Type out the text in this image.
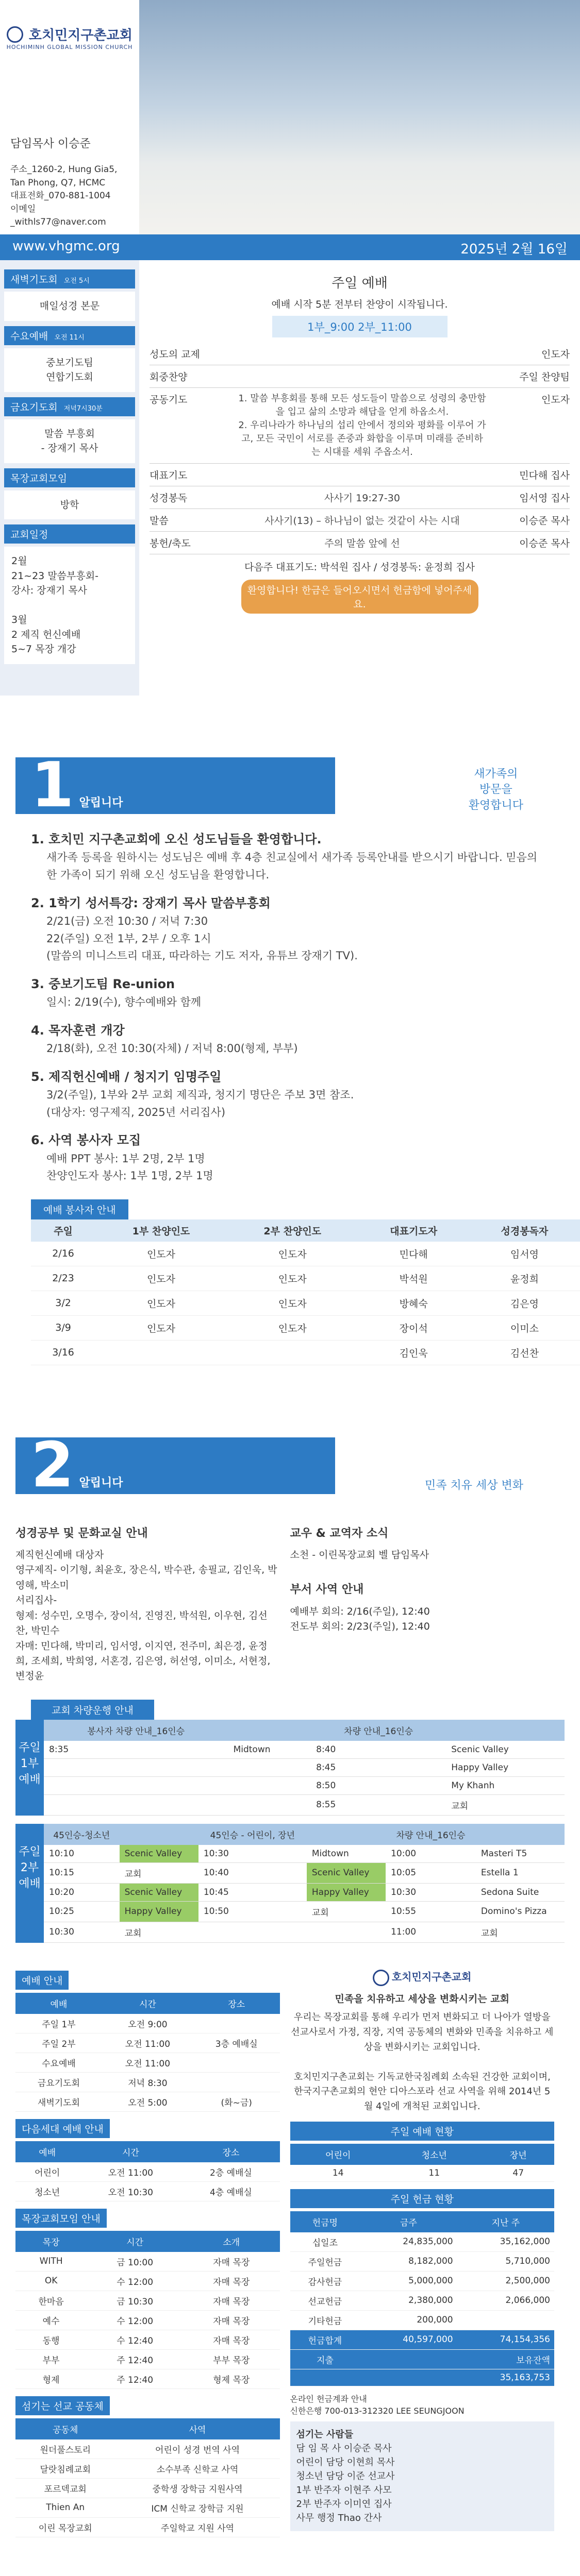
호치민지구촌교회
HOCHIMINH GLOBAL MISSION CHURCH
담임목사 이승준
주소_1260-2, Hung Gia5,
Tan Phong, Q7, HCMC
대표전화_070-881-1004
이메일_withls77@naver.com
새벽기도회 오전 5시
매일성경 본문
수요예배 오전 11시
중보기도팀
연합기도회
금요기도회 저녁7시30분
말씀 부흥회
- 장재기 목사
목장교회모임
방학
교회일정
2월
21~23 말씀부흥회-
강사: 장재기 목사

3월
2 제직 헌신예배
5~7 목장 개강
주일 예배
예배 시작 5분 전부터 찬양이 시작됩니다.
1부_9:00 2부_11:00
성도의 교제	인도자
회중찬양	주일 찬양팀
공동기도	1. 말씀 부흥회를 통해 모든 성도들이 말씀으로 성령의 충만함을 입고 삶의 소망과 해답을 얻게 하옵소서.
2. 우리나라가 하나님의 섭리 안에서 정의와 평화를 이루어 가고, 모든 국민이 서로를 존중과 화합을 이루며 미래를 준비하는 시대를 세워 주옵소서.
인도자
대표기도	민다해 집사
성경봉독	사사기 19:27-30	임서영 집사
말씀	사사기(13) – 하나님이 없는 것같이 사는 시대	이승준 목사
봉헌/축도	주의 말씀 앞에 선	이승준 목사
다음주 대표기도: 박석원 집사 / 성경봉독: 윤정희 집사
환영합니다! 한금은 들어오시면서 헌금함에 넣어주세요.
www.vhgmc.org	2025년 2월 16일
1 알립니다
새가족의
방문을
환영합니다
1. 호치민 지구촌교회에 오신 성도님들을 환영합니다.

새가족 등록을 원하시는 성도님은 예배 후 4층 친교실에서 새가족 등록안내를 받으시기 바랍니다. 믿음의 한 가족이 되기 위해 오신 성도님을 환영합니다.

2. 1학기 성서특강: 장재기 목사 말씀부흥회

2/21(금) 오전 10:30 / 저녁 7:30
22(주일) 오전 1부, 2부 / 오후 1시
(말씀의 미니스트리 대표, 따라하는 기도 저자, 유튜브 장재기 TV).

3. 중보기도팀 Re-union

일시: 2/19(수), 향수예배와 함께

4. 목자훈련 개강

2/18(화), 오전 10:30(자체) / 저녁 8:00(형제, 부부)

5. 제직헌신예배 / 청지기 임명주일

3/2(주일), 1부와 2부 교회 제직과, 청지기 명단은 주보 3면 참조.
(대상자: 영구제직, 2025년 서리집사)

6. 사역 봉사자 모집

예배 PPT 봉사: 1부 2명, 2부 1명
찬양인도자 봉사: 1부 1명, 2부 1명

예배 봉사자 안내
주일	1부 찬양인도	2부 찬양인도	대표기도자	성경봉독자
2/16	인도자	인도자	민다해	임서영
2/23	인도자	인도자	박석원	윤정희
3/2	인도자	인도자	방혜숙	김은영
3/9	인도자	인도자	장이석	이미소
3/16			김인욱	김선찬
2 알립니다	민족 치유 세상 변화
성경공부 및 문화교실 안내
제직헌신예배 대상자
영구제직- 이기형, 최윤호, 장은식, 박수관, 송필교, 김인욱, 박영해, 박소미
서리집사-
형제: 성수민, 오명수, 장이석, 진영진, 박석원, 이우현, 김선찬, 박민수
자매: 민다해, 박미리, 임서영, 이지연, 전주미, 최은경, 윤정희, 조세희, 박희영, 서혼경, 김은영, 허선영, 이미소, 서현정, 변정윤
교우 & 교역자 소식
소천 - 이린목장교회 벨 담임목사
부서 사역 안내
예배부 회의: 2/16(주일), 12:40
전도부 회의: 2/23(주일), 12:40
교회 차량운행 안내
주일 1부 예배
봉사자 차량 안내_16인승		차량 안내_16인승	
8:35	Midtown	8:40	Scenic Valley
		8:45	Happy Valley
		8:50	My Khanh
		8:55	교회
주일 2부 예배
45인승-청소년		45인승 - 어린이, 장년		차량 안내_16인승	
10:10	Scenic Valley	10:30	Midtown	10:00	Masteri T5
10:15	교회	10:40	Scenic Valley	10:05	Estella 1
10:20	Scenic Valley	10:45	Happy Valley	10:30	Sedona Suite
10:25	Happy Valley	10:50	교회	10:55	Domino's Pizza
10:30	교회			11:00	교회
예배 안내
예배	시간	장소
주일 1부	오전 9:00	
주일 2부	오전 11:00	3층 예배실
수요예배	오전 11:00	
금요기도회	저녁 8:30	
새벽기도회	오전 5:00	(화~금)
다음세대 예배 안내
예배	시간	장소
어린이	오전 11:00	2층 예배실
청소년	오전 10:30	4층 예배실
목장교회모임 안내
목장	시간	소개
WITH	금 10:00	자매 목장
OK	수 12:00	자매 목장
한마음	금 10:30	자매 목장
예수	수 12:00	자매 목장
동행	수 12:40	자매 목장
부부	주 12:40	부부 목장
형제	주 12:40	형제 목장
섬기는 선교 공동체
공동체	사역
원더풀스토리	어린이 성경 번역 사역
달랏침례교회	소수부족 신학교 사역
포르덱교회	중학생 장학금 지원사역
Thien An	ICM 신학교 장학금 지원
이린 목장교회	주일학교 지원 사역
호치민지구촌교회
민족을 치유하고 세상을 변화시키는 교회
우리는 목장교회를 통해 우리가 먼저 변화되고 더 나아가 열방을 선교사로서 가정, 직장, 지역 공동체의 변화와 민족을 치유하고 세상을 변화시키는 교회입니다.

호치민지구촌교회는 기독교한국침례회 소속된 건강한 교회이며, 한국지구촌교회의 현안 디아스포라 선교 사역을 위해 2014년 5월 4일에 개척된 교회입니다.
주일 예배 현황
어린이	청소년	장년
14	11	47
주일 헌금 현황
헌금명	금주	지난 주
십일조	24,835,000	35,162,000
주일헌금	8,182,000	5,710,000
감사헌금	5,000,000	2,500,000
선교헌금	2,380,000	2,066,000
기타헌금	200,000	
헌금합계	40,597,000	74,154,356
지출		보유잔액
		35,163,753
온라인 헌금계좌 안내
신한은행 700-013-312320 LEE SEUNGJOON
섬기는 사람들
담 임 목 사 이승준 목사
어린이 담당 이현희 목사
청소년 담당 이준 선교사
1부 반주자 이현주 사모
2부 반주자 이미연 집사
사무 행정 Thao 간사
